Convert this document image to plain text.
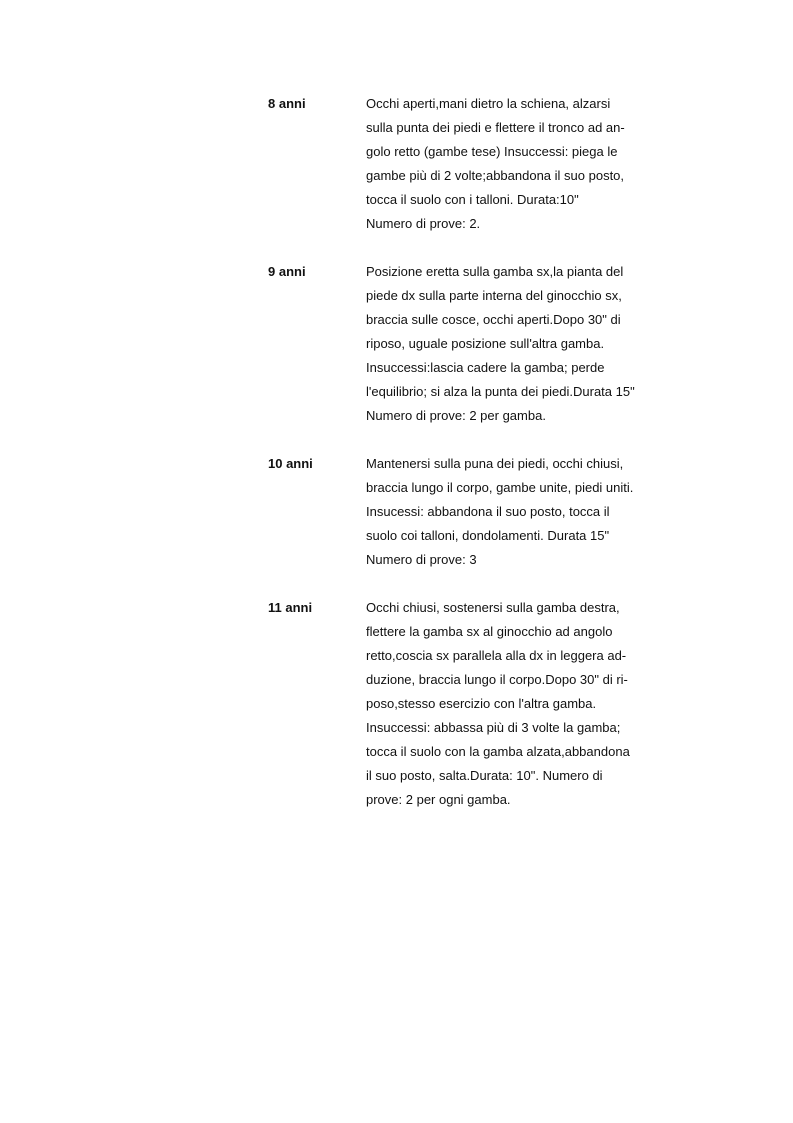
8 anni	Occhi aperti,mani dietro la schiena, alzarsi
sulla punta dei piedi e flettere il tronco ad an-
golo retto (gambe tese) Insuccessi: piega le
gambe più di 2 volte;abbandona il suo posto,
tocca il suolo con i talloni. Durata:10"
Numero di prove: 2.
9 anni	Posizione eretta sulla gamba sx,la pianta del
piede dx sulla parte interna del ginocchio sx,
braccia sulle cosce, occhi aperti.Dopo 30" di
riposo, uguale posizione sull'altra gamba.
Insuccessi:lascia cadere la gamba; perde
l'equilibrio; si alza la punta dei piedi.Durata 15"
Numero di prove: 2 per gamba.
10 anni	Mantenersi sulla puna dei piedi, occhi chiusi,
braccia lungo il corpo, gambe unite, piedi uniti.
Insucessi: abbandona il suo posto, tocca il
suolo coi talloni, dondolamenti. Durata 15"
Numero di prove: 3
11 anni	Occhi chiusi, sostenersi sulla gamba destra,
flettere la gamba sx al ginocchio ad angolo
retto,coscia sx parallela alla dx in leggera ad-
duzione, braccia lungo il corpo.Dopo 30" di ri-
poso,stesso esercizio con l'altra gamba.
Insuccessi: abbassa più di 3 volte la gamba;
tocca il suolo con la gamba alzata,abbandona
il suo posto, salta.Durata: 10". Numero di
prove: 2 per ogni gamba.
